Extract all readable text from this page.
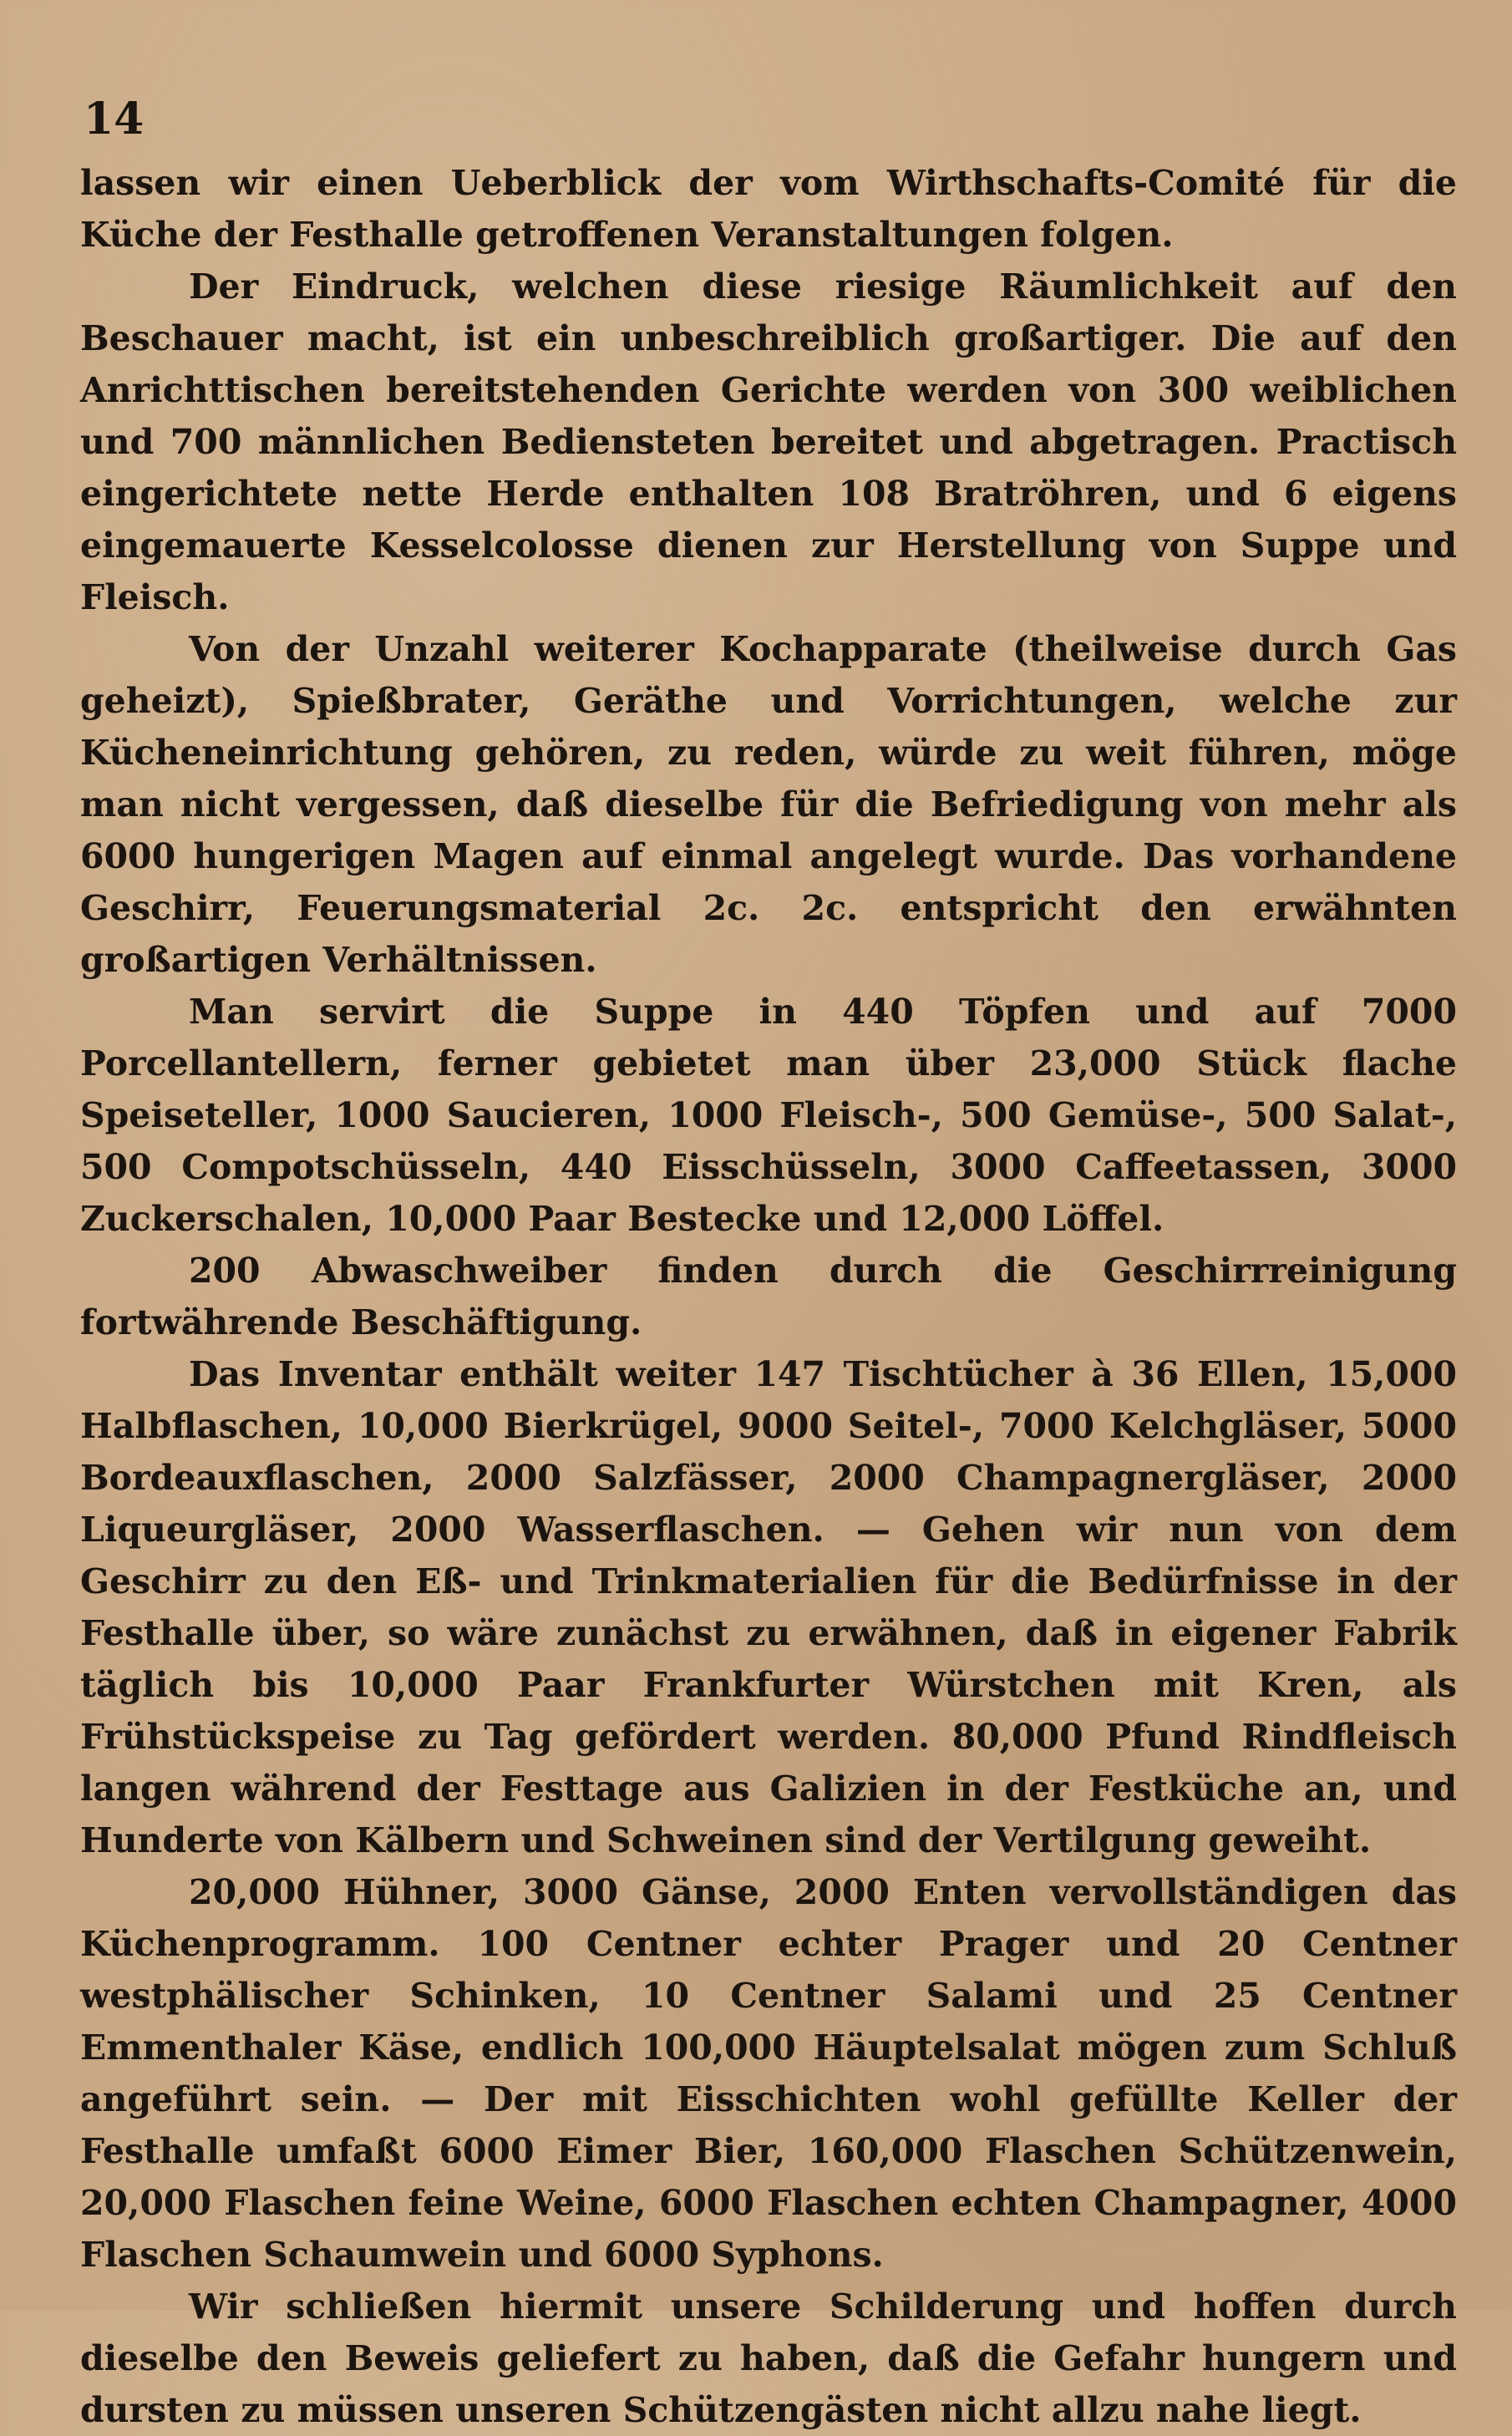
14

lassen wir einen Ueberblick der vom Wirthschafts-Comité für die Küche der Festhalle getroffenen Veranstaltungen folgen.

Der Eindruck, welchen diese riesige Räumlichkeit auf den Beschauer macht, ist ein unbeschreiblich großartiger. Die auf den Anrichttischen bereitstehenden Gerichte werden von 300 weiblichen und 700 männlichen Bediensteten bereitet und abgetragen. Practisch eingerichtete nette Herde enthalten 108 Bratröhren, und 6 eigens eingemauerte Kesselcolosse dienen zur Herstellung von Suppe und Fleisch.

Von der Unzahl weiterer Kochapparate (theilweise durch Gas geheizt), Spießbrater, Geräthe und Vorrichtungen, welche zur Kücheneinrichtung gehören, zu reden, würde zu weit führen, möge man nicht vergessen, daß dieselbe für die Befriedigung von mehr als 6000 hungerigen Magen auf einmal angelegt wurde. Das vorhandene Geschirr, Feuerungsmaterial 2c. 2c. entspricht den erwähnten großartigen Verhältnissen.

Man servirt die Suppe in 440 Töpfen und auf 7000 Porcellantellern, ferner gebietet man über 23,000 Stück flache Speiseteller, 1000 Saucieren, 1000 Fleisch-, 500 Gemüse-, 500 Salat-, 500 Compotschüsseln, 440 Eisschüsseln, 3000 Caffeetassen, 3000 Zuckerschalen, 10,000 Paar Bestecke und 12,000 Löffel.

200 Abwaschweiber finden durch die Geschirrreinigung fortwährende Beschäftigung.

Das Inventar enthält weiter 147 Tischtücher à 36 Ellen, 15,000 Halbflaschen, 10,000 Bierkrügel, 9000 Seitel-, 7000 Kelchgläser, 5000 Bordeauxflaschen, 2000 Salzfässer, 2000 Champagnergläser, 2000 Liqueurgläser, 2000 Wasserflaschen. — Gehen wir nun von dem Geschirr zu den Eß- und Trinkmaterialien für die Bedürfnisse in der Festhalle über, so wäre zunächst zu erwähnen, daß in eigener Fabrik täglich bis 10,000 Paar Frankfurter Würstchen mit Kren, als Frühstückspeise zu Tag gefördert werden. 80,000 Pfund Rindfleisch langen während der Festtage aus Galizien in der Festküche an, und Hunderte von Kälbern und Schweinen sind der Vertilgung geweiht.

20,000 Hühner, 3000 Gänse, 2000 Enten vervollständigen das Küchenprogramm. 100 Centner echter Prager und 20 Centner westphälischer Schinken, 10 Centner Salami und 25 Centner Emmenthaler Käse, endlich 100,000 Häuptelsalat mögen zum Schluß angeführt sein. — Der mit Eisschichten wohl gefüllte Keller der Festhalle umfaßt 6000 Eimer Bier, 160,000 Flaschen Schützenwein, 20,000 Flaschen feine Weine, 6000 Flaschen echten Champagner, 4000 Flaschen Schaumwein und 6000 Syphons.

Wir schließen hiermit unsere Schilderung und hoffen durch dieselbe den Beweis geliefert zu haben, daß die Gefahr hungern und dursten zu müssen unseren Schützengästen nicht allzu nahe liegt.
